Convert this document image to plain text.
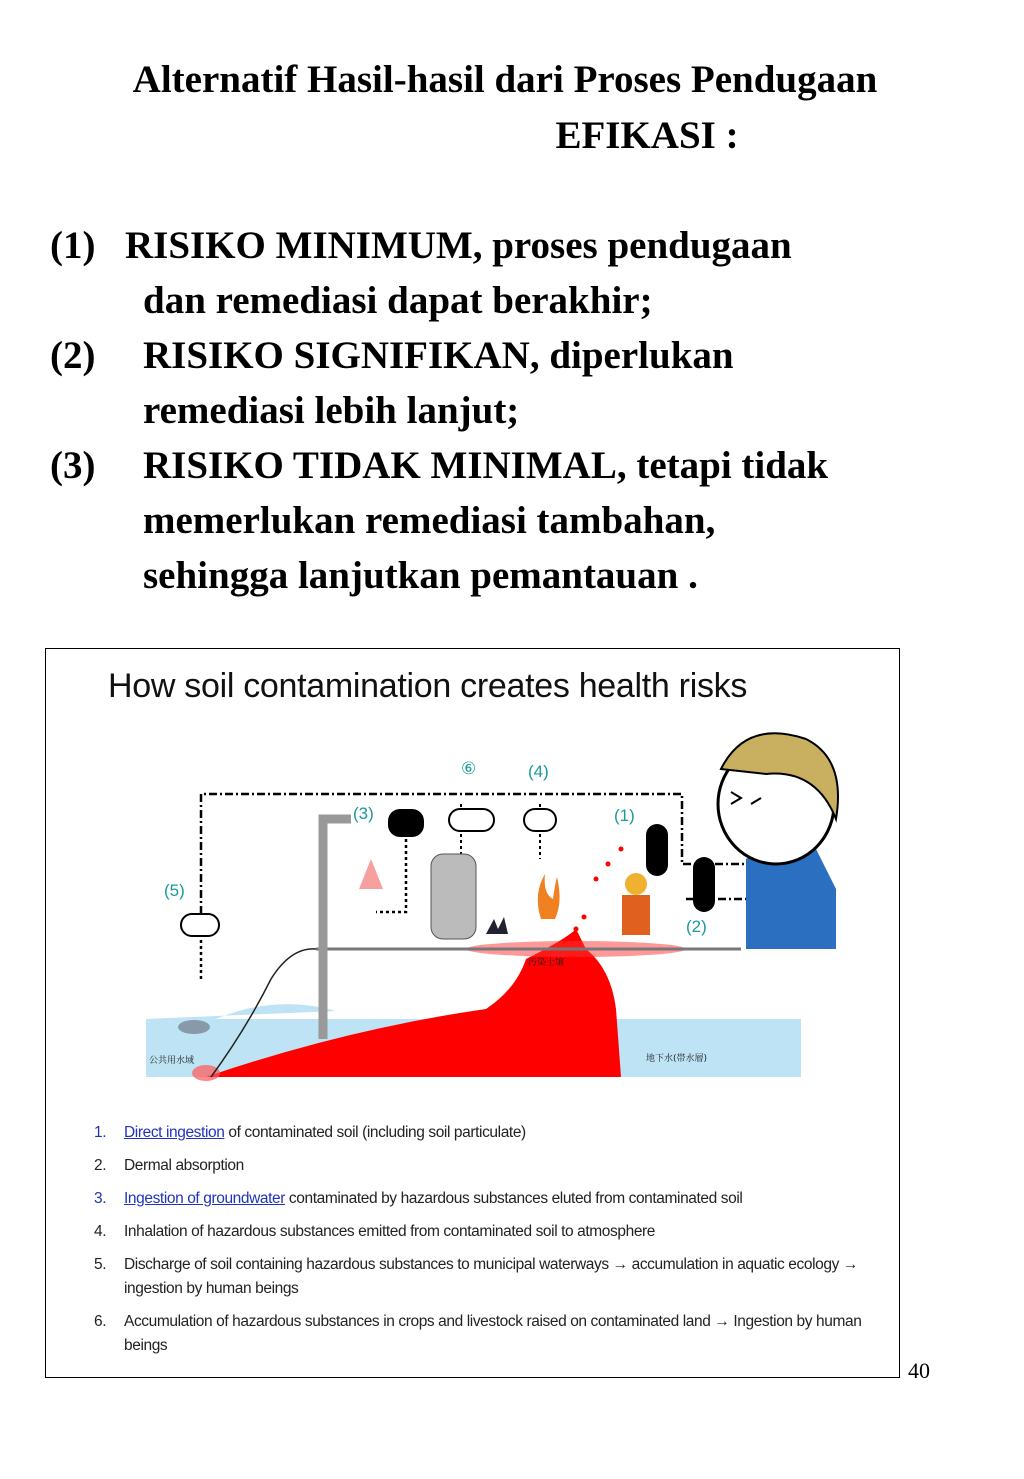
Alternatif Hasil-hasil dari Proses Pendugaan
EFIKASI :
(1) RISIKO MINIMUM, proses pendugaan
dan remediasi dapat berakhir;
(2) RISIKO SIGNIFIKAN, diperlukan
remediasi lebih lanjut;
(3) RISIKO TIDAK MINIMAL, tetapi tidak
memerlukan remediasi tambahan,
sehingga lanjutkan pemantauan .
⑥	(4)
(3)	(1)
(2)
(5)
公共用水域	地下水(帯水層)
汚染土壌
How soil contamination creates health risks
1. Direct ingestion of contaminated soil (including soil particulate)
2. Dermal absorption
3. Ingestion of groundwater contaminated by hazardous substances eluted from contaminated soil
4. Inhalation of hazardous substances emitted from contaminated soil to atmosphere
5. Discharge of soil containing hazardous substances to municipal waterways → accumulation in aquatic ecology → ingestion by human beings
6. Accumulation of hazardous substances in crops and livestock raised on contaminated land → Ingestion by human beings
40
